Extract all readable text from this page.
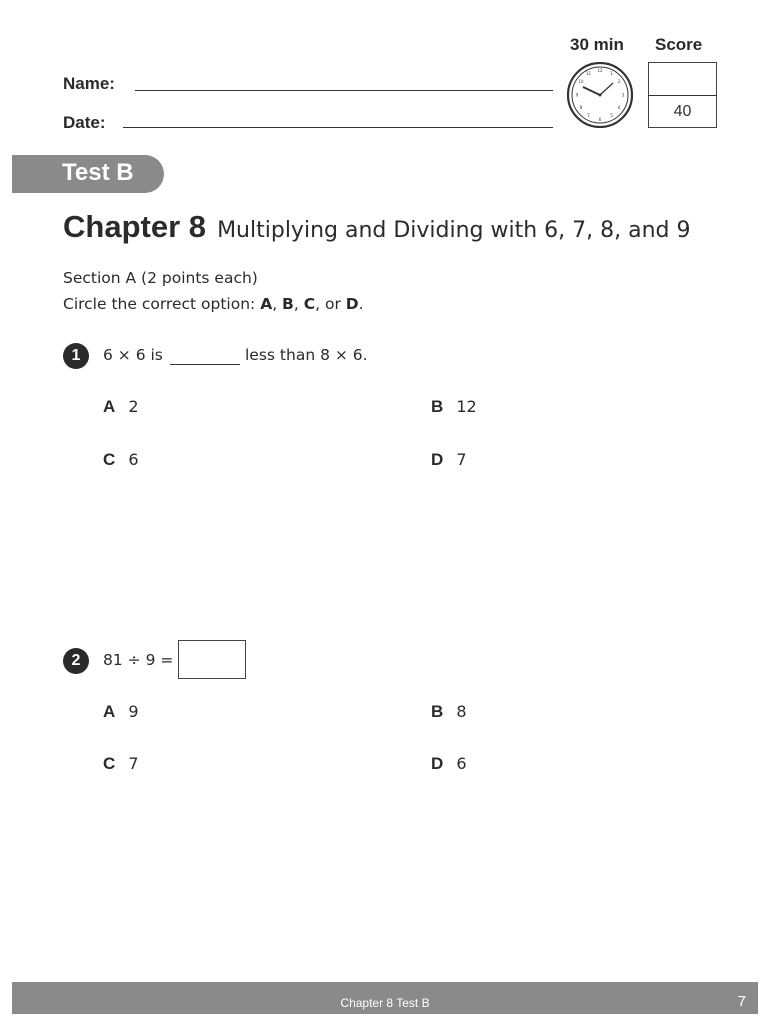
Name:
Date:
30 min Score
12
1
2
3
4
5
6
7
8
9
10
11
40
Test B
Chapter 8 Multiplying and Dividing with 6, 7, 8, and 9
Section A (2 points each)
Circle the correct option: A, B, C, or D.
1	6 × 6 is	less than 8 × 6.
A 2	B 12
C 6	D 7
2	81 ÷ 9 =
A 9	B 8
C 7	D 6
Chapter 8 Test B	7
